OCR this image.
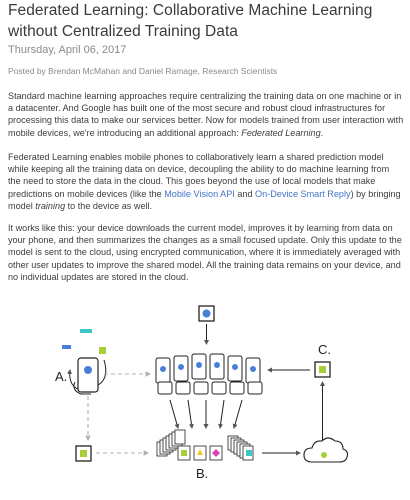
Federated Learning: Collaborative Machine Learning without Centralized Training Data
Thursday, April 06, 2017
Posted by Brendan McMahan and Daniel Ramage, Research Scientists

Standard machine learning approaches require centralizing the training data on one machine or in a datacenter. And Google has built one of the most secure and robust cloud infrastructures for processing this data to make our services better. Now for models trained from user interaction with mobile devices, we're introducing an additional approach: Federated Learning.

Federated Learning enables mobile phones to collaboratively learn a shared prediction model while keeping all the training data on device, decoupling the ability to do machine learning from the need to store the data in the cloud. This goes beyond the use of local models that make predictions on mobile devices (like the Mobile Vision API and On-Device Smart Reply) by bringing model training to the device as well.

It works like this: your device downloads the current model, improves it by learning from data on your phone, and then summarizes the changes as a small focused update. Only this update to the model is sent to the cloud, using encrypted communication, where it is immediately averaged with other user updates to improve the shared model. All the training data remains on your device, and no individual updates are stored in the cloud.

A.
B.
C.
